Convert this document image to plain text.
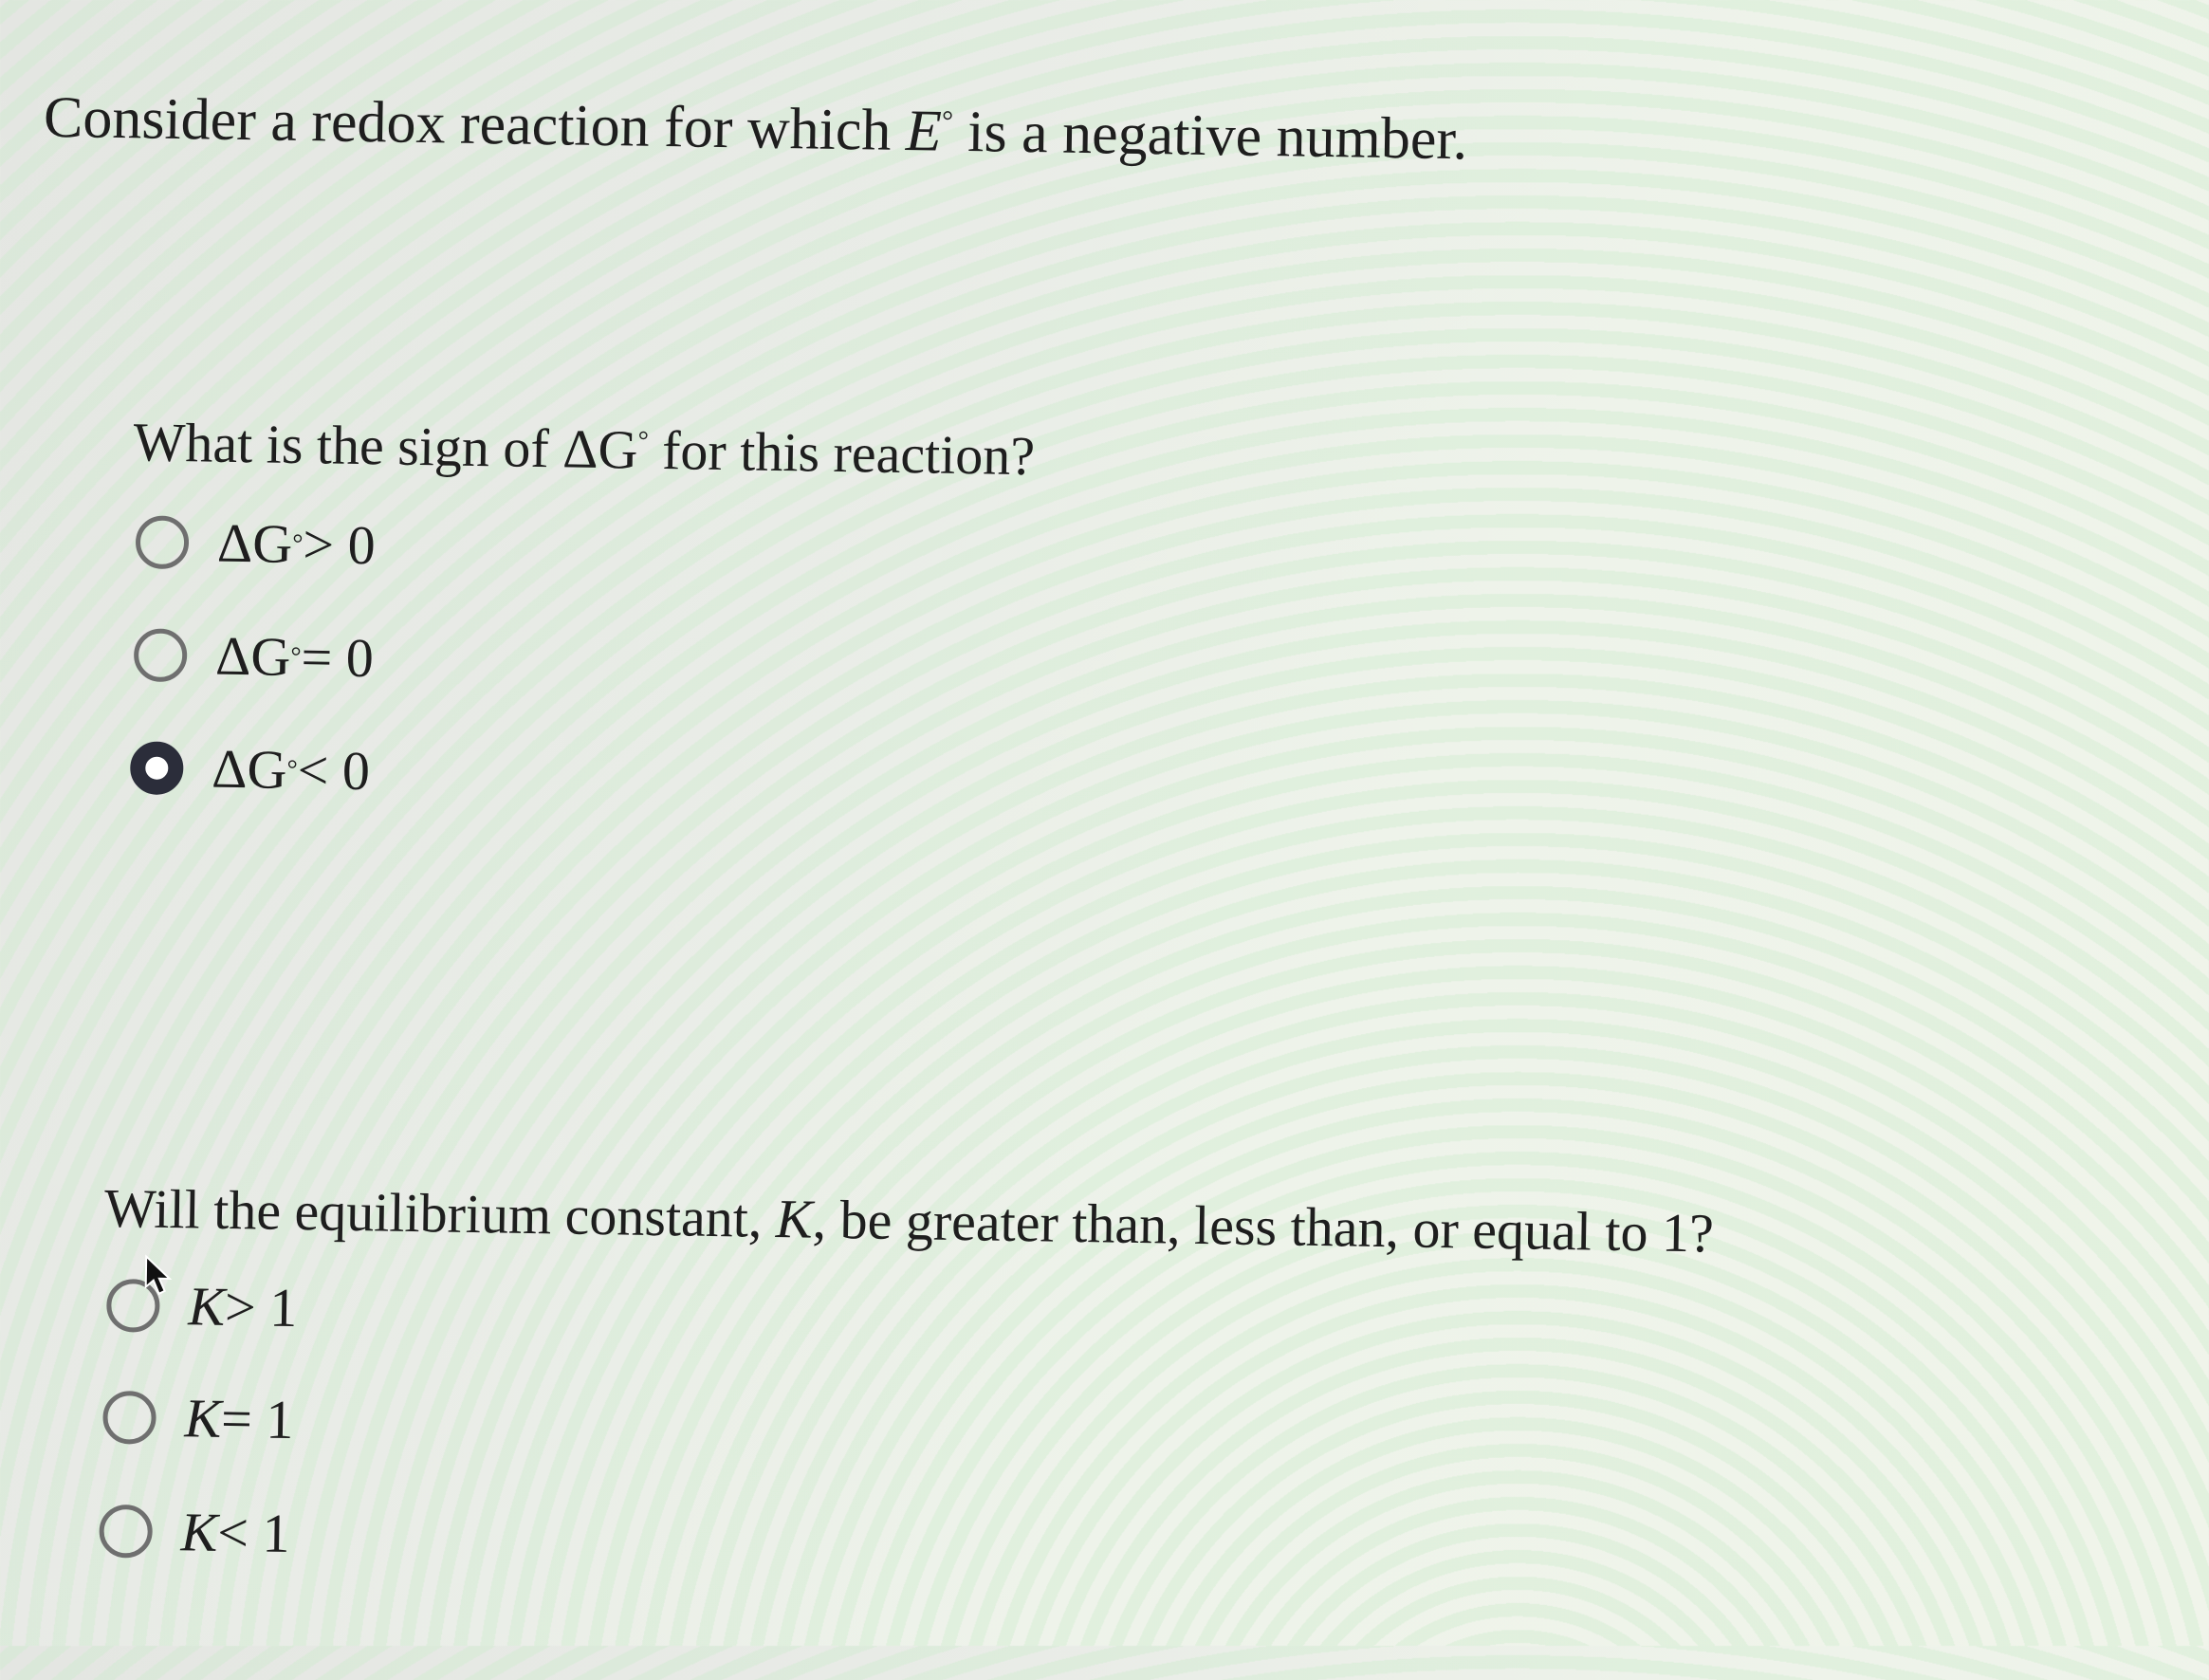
Consider a redox reaction for which E° is a negative number.
What is the sign of ΔG° for this reaction?
ΔG ° > 0
ΔG ° = 0
ΔG ° < 0
Will the equilibrium constant, K, be greater than, less than, or equal to 1?
K
> 1
K
= 1
K
< 1
